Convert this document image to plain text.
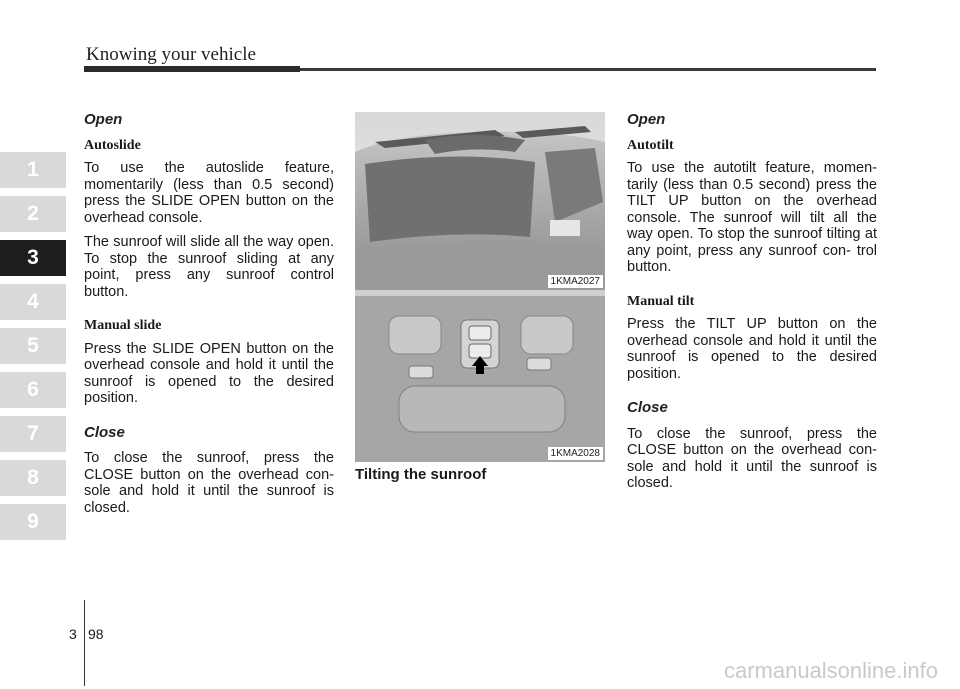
Knowing your vehicle
1
2
3
4
5
6
7
8
9
Open
Autoslide

To use the autoslide feature, momentarily (less than 0.5 second) press the SLIDE OPEN button on the overhead console.

The sunroof will slide all the way open. To stop the sunroof sliding at any point, press any sunroof control button.

Manual slide

Press the SLIDE OPEN button on the overhead console and hold it until the sunroof is opened to the desired position.

Close

To close the sunroof, press the CLOSE button on the overhead con- sole and hold it until the sunroof is closed.

1KMA2027
1KMA2028
Tilting the sunroof
Open
Autotilt

To use the autotilt feature, momen- tarily (less than 0.5 second) press the TILT UP button on the overhead console. The sunroof will tilt all the way open. To stop the sunroof tilting at any point, press any sunroof con- trol button.

Manual tilt

Press the TILT UP button on the overhead console and hold it until the sunroof is opened to the desired position.

Close

To close the sunroof, press the CLOSE button on the overhead con- sole and hold it until the sunroof is closed.

3 98
carmanualsonline.info
